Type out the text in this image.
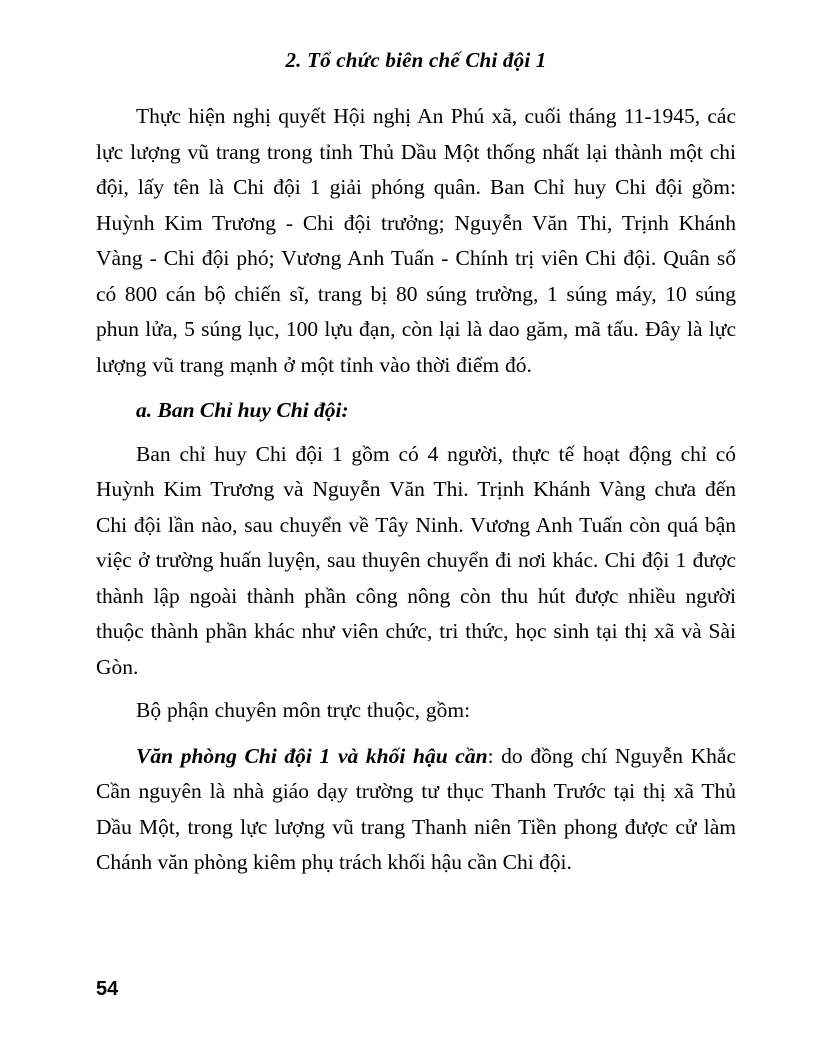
2. Tổ chức biên chế Chi đội 1

Thực hiện nghị quyết Hội nghị An Phú xã, cuối tháng 11-1945, các lực lượng vũ trang trong tỉnh Thủ Dầu Một thống nhất lại thành một chi đội, lấy tên là Chi đội 1 giải phóng quân. Ban Chỉ huy Chi đội gồm: Huỳnh Kim Trương - Chi đội trưởng; Nguyễn Văn Thi, Trịnh Khánh Vàng - Chi đội phó; Vương Anh Tuấn - Chính trị viên Chi đội. Quân số có 800 cán bộ chiến sĩ, trang bị 80 súng trường, 1 súng máy, 10 súng phun lửa, 5 súng lục, 100 lựu đạn, còn lại là dao găm, mã tấu. Đây là lực lượng vũ trang mạnh ở một tỉnh vào thời điểm đó.

a. Ban Chỉ huy Chi đội:

Ban chỉ huy Chi đội 1 gồm có 4 người, thực tế hoạt động chỉ có Huỳnh Kim Trương và Nguyễn Văn Thi. Trịnh Khánh Vàng chưa đến Chi đội lần nào, sau chuyển về Tây Ninh. Vương Anh Tuấn còn quá bận việc ở trường huấn luyện, sau thuyên chuyển đi nơi khác. Chi đội 1 được thành lập ngoài thành phần công nông còn thu hút được nhiều người thuộc thành phần khác như viên chức, tri thức, học sinh tại thị xã và Sài Gòn.

Bộ phận chuyên môn trực thuộc, gồm:

Văn phòng Chi đội 1 và khối hậu cần: do đồng chí Nguyễn Khắc Cần nguyên là nhà giáo dạy trường tư thục Thanh Trước tại thị xã Thủ Dầu Một, trong lực lượng vũ trang Thanh niên Tiền phong được cử làm Chánh văn phòng kiêm phụ trách khối hậu cần Chi đội.

54
